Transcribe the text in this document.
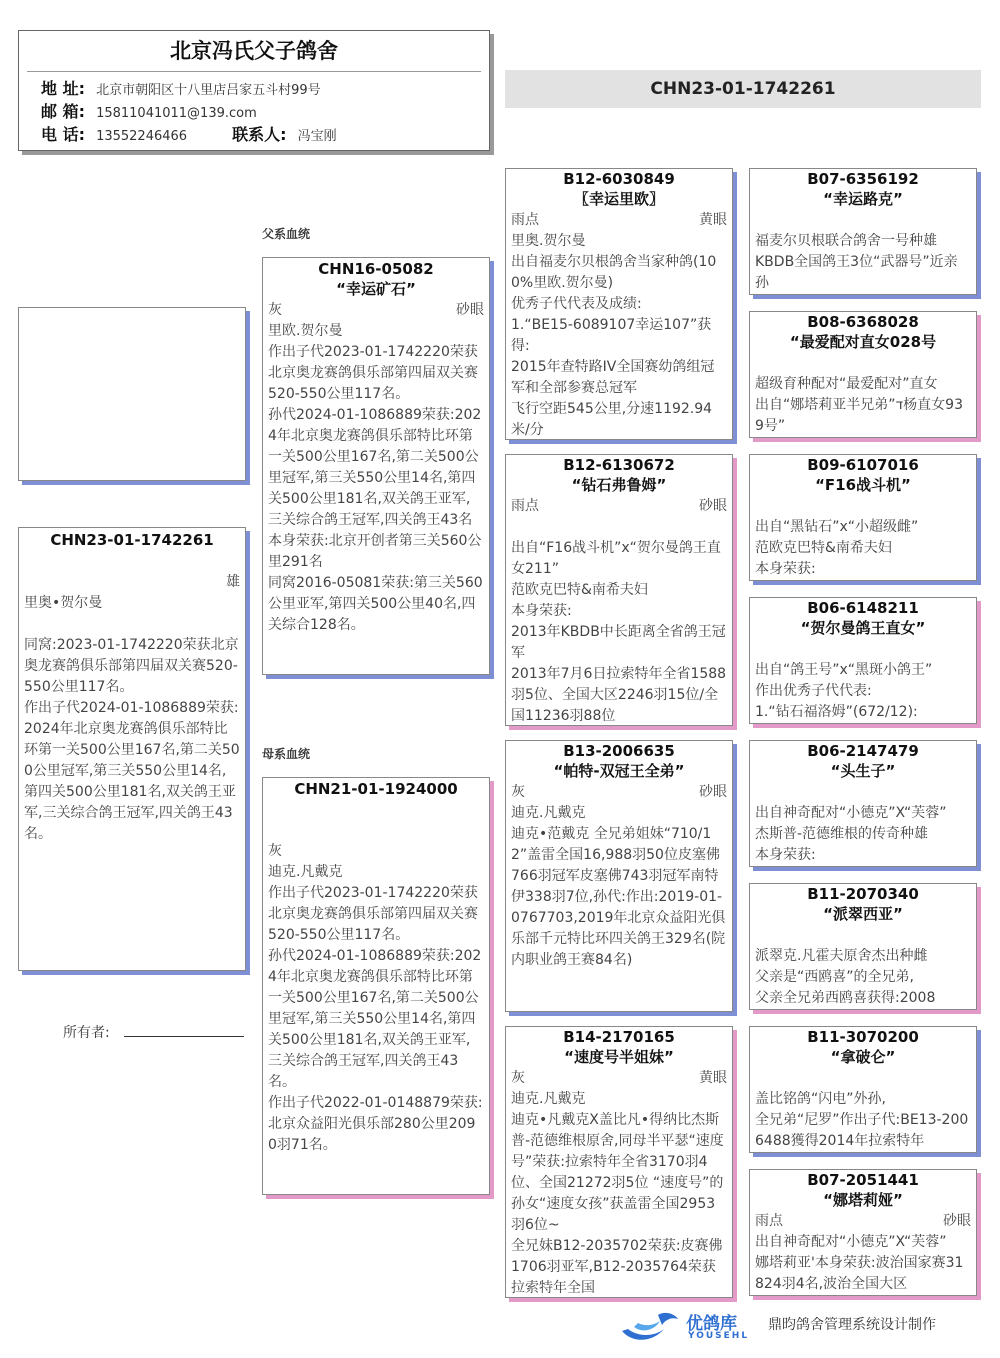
北京冯氏父子鸽舍
地 址: 北京市朝阳区十八里店吕家五斗村99号
邮 箱: 15811041011@139.com
电 话: 13552246466	联系人: 冯宝刚
CHN23-01-1742261
父系血统
母系血统
CHN23-01-1742261
雄
里奥•贺尔曼
同窝:2023-01-1742220荣获北京奥龙赛鸽俱乐部第四届双关赛520-550公里117名。
作出子代2024-01-1086889荣获:2024年北京奥龙赛鸽俱乐部特比环第一关500公里167名,第二关500公里冠军,第三关550公里14名,第四关500公里181名,双关鸽王亚军,三关综合鸽王冠军,四关鸽王43名。
所有者:
CHN16-05082
“幸运矿石”
灰	砂眼
里欧.贺尔曼
作出子代2023-01-1742220荣获北京奥龙赛鸽俱乐部第四届双关赛520-550公里117名。
孙代2024-01-1086889荣获:2024年北京奥龙赛鸽俱乐部特比环第一关500公里167名,第二关500公里冠军,第三关550公里14名,第四关500公里181名,双关鸽王亚军,三关综合鸽王冠军,四关鸽王43名
本身荣获:北京开创者第三关560公里291名
同窝2016-05081荣获:第三关560公里亚军,第四关500公里40名,四关综合128名。
CHN21-01-1924000
灰
迪克.凡戴克
作出子代2023-01-1742220荣获北京奥龙赛鸽俱乐部第四届双关赛520-550公里117名。
孙代2024-01-1086889荣获:2024年北京奥龙赛鸽俱乐部特比环第一关500公里167名,第二关500公里冠军,第三关550公里14名,第四关500公里181名,双关鸽王亚军,三关综合鸽王冠军,四关鸽王43名。
作出子代2022-01-0148879荣获:北京众益阳光俱乐部280公里2090羽71名。
B12-6030849
〖幸运里欧〗
雨点	黄眼
里奥.贺尔曼
出自福麦尔贝根鸽舍当家种鸽(100%里欧.贺尔曼)
优秀子代代表及成绩:
1.“BE15-6089107幸运107”获得:
2015年查特路IV全国赛幼鸽组冠军和全部参赛总冠军
飞行空距545公里,分速1192.94米/分
B12-6130672
“钻石弗鲁姆”
雨点	砂眼

出自“F16战斗机”x“贺尔曼鸽王直女211”
范欧克巴特&南希夫妇
本身荣获:
2013年KBDB中长距离全省鸽王冠军
2013年7月6日拉索特年全省1588羽5位、全国大区2246羽15位/全国11236羽88位
B13-2006635
“帕特-双冠王全弟”
灰	砂眼
迪克.凡戴克
迪克•范戴克 全兄弟姐妹“710/12”盖雷全国16,988羽50位皮塞佛766羽冠军皮塞佛743羽冠军南特伊338羽7位,孙代:作出:2019-01-0767703,2019年北京众益阳光俱乐部千元特比环四关鸽王329名(院内职业鸽王赛84名)
B14-2170165
“速度号半姐妹”
灰	黄眼
迪克.凡戴克
迪克•凡戴克X盖比凡•得纳比杰斯普-范德维根原舍,同母半平瑟“速度号”荣获:拉索特年全省3170羽4位、全国21272羽5位 “速度号”的孙女“速度女孩”获盖雷全国2953羽6位~
全兄妹B12-2035702荣获:皮赛佛1706羽亚军,B12-2035764荣获拉索特年全国
B07-6356192
“幸运路克”

福麦尔贝根联合鸽舍一号种雄
KBDB全国鸽王3位“武器号”近亲孙
B08-6368028
“最爱配对直女028号

超级育种配对“最爱配对”直女
出自“娜塔莉亚半兄弟”ד杨直女939号”
B09-6107016
“F16战斗机”

出自“黑钻石”x“小超级雌”
范欧克巴特&南希夫妇
本身荣获:
B06-6148211
“贺尔曼鸽王直女”

出自“鸽王号”x“黑斑小鸽王”
作出优秀子代代表:
1.“钻石福洛姆”(672/12):
B06-2147479
“头生子”

出自神奇配对“小德克”X“芙蓉”
杰斯普-范德维根的传奇种雄
本身荣获:
B11-2070340
“派翠西亚”

派翠克.凡霍夫原舍杰出种雌
父亲是“西鸥喜”的全兄弟,
父亲全兄弟西鸥喜获得:2008
B11-3070200
“拿破仑”

盖比铭鸽“闪电”外孙,
全兄弟“尼罗”作出子代:BE13-2006488獲得2014年拉索特年
B07-2051441
“娜塔莉娅”
雨点	砂眼
出自神奇配对“小德克”X“芙蓉”
娜塔莉亚'本身荣获:波治国家赛31824羽4名,波治全国大区
优鸽库
YOUSEHL
鼎昀鸽舍管理系统设计制作
